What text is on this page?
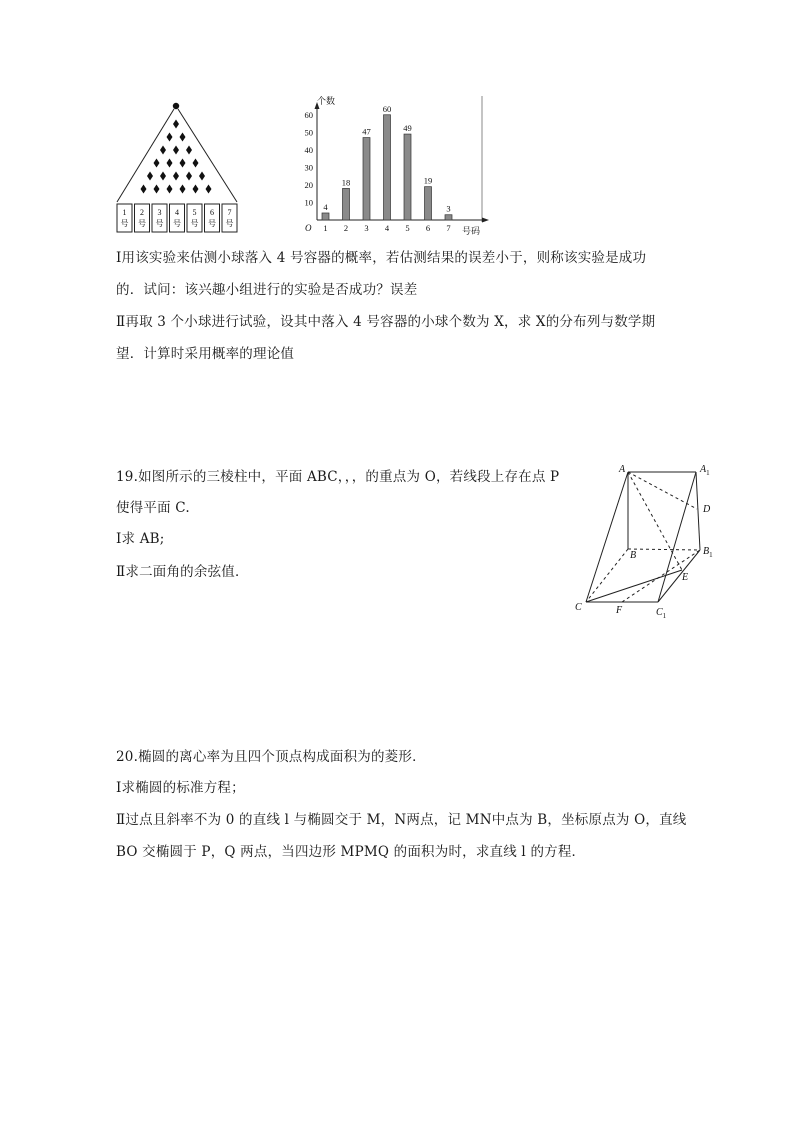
1
号
2
号
3
号
4
号
5
号
6
号
7
号
个数
号码
O
10
20
30
40
50
60
4
1
18
2
47
3
60
4
49
5
19
6
3
7
Ⅰ用该实验来估测小球落入 4 号容器的概率，若估测结果的误差小于，则称该实验是成功
的．试问：该兴趣小组进行的实验是否成功？误差
Ⅱ再取 3 个小球进行试验，设其中落入 4 号容器的小球个数为 X，求 X的分布列与数学期
望．计算时采用概率的理论值
19.如图所示的三棱柱中，平面 ABC，，，的重点为 O，若线段上存在点 P
使得平面 C.
Ⅰ求 AB;
Ⅱ求二面角的余弦值．
A	$A_1$
D
B	$B_1$
E
C	F	$C_1$
20.椭圆的离心率为且四个顶点构成面积为的菱形．
Ⅰ求椭圆的标准方程；
Ⅱ过点且斜率不为 0 的直线 l 与椭圆交于 M，N两点，记 MN中点为 B，坐标原点为 O，直线
BO 交椭圆于 P，Q 两点，当四边形 MPMQ 的面积为时，求直线 l 的方程．
